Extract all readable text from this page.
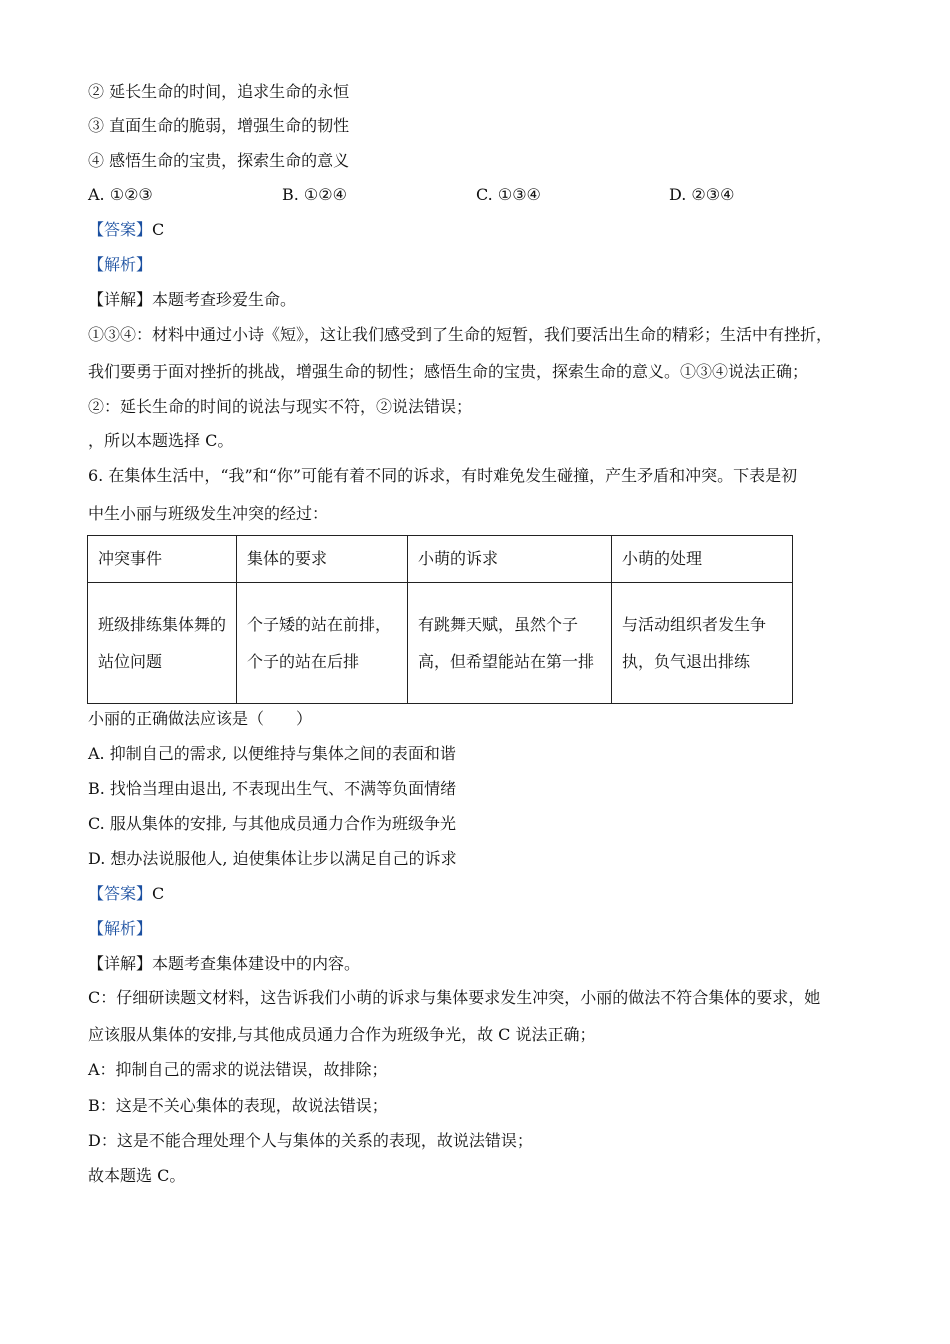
② 延长生命的时间，追求生命的永恒
③ 直面生命的脆弱，增强生命的韧性
④ 感悟生命的宝贵，探索生命的意义
A. ①②③	B. ①②④	C. ①③④	D. ②③④
【答案】C
【解析】
【详解】本题考查珍爱生命。
①③④：材料中通过小诗《短》，这让我们感受到了生命的短暂，我们要活出生命的精彩；生活中有挫折，
我们要勇于面对挫折的挑战，增强生命的韧性；感悟生命的宝贵，探索生命的意义。①③④说法正确；
②：延长生命的时间的说法与现实不符，②说法错误；
，所以本题选择 C。
6. 在集体生活中，“我”和“你”可能有着不同的诉求，有时难免发生碰撞，产生矛盾和冲突。下表是初
中生小丽与班级发生冲突的经过：
冲突事件	集体的要求	小萌的诉求	小萌的处理
班级排练集体舞的站位问题	个子矮的站在前排，个子的站在后排	有跳舞天赋，虽然个子高，但希望能站在第一排	与活动组织者发生争执，负气退出排练
小丽的正确做法应该是（　　）
A. 抑制自己的需求, 以便维持与集体之间的表面和谐
B. 找恰当理由退出, 不表现出生气、不满等负面情绪
C. 服从集体的安排, 与其他成员通力合作为班级争光
D. 想办法说服他人, 迫使集体让步以满足自己的诉求
【答案】C
【解析】
【详解】本题考查集体建设中的内容。
C：仔细研读题文材料，这告诉我们小萌的诉求与集体要求发生冲突，小丽的做法不符合集体的要求，她
应该服从集体的安排,与其他成员通力合作为班级争光，故 C 说法正确；
A：抑制自己的需求的说法错误，故排除；
B：这是不关心集体的表现，故说法错误；
D：这是不能合理处理个人与集体的关系的表现，故说法错误；
故本题选 C。
